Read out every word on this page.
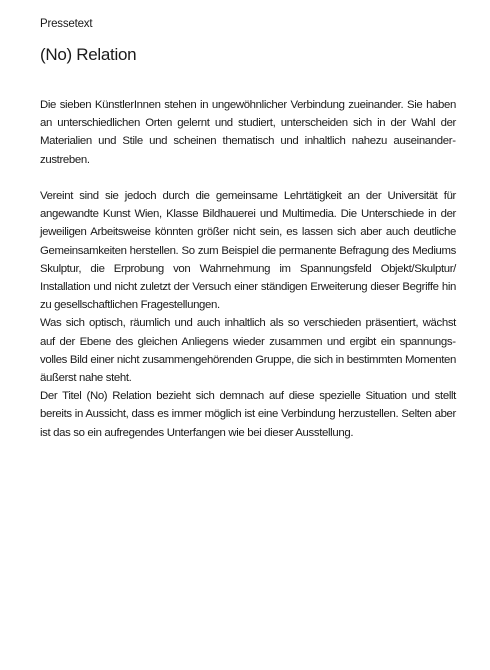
Pressetext
(No) Relation

Die sieben KünstlerInnen stehen in ungewöhnlicher Verbindung zueinander. Sie haben an unterschiedlichen Orten gelernt und studiert, unterscheiden sich in der Wahl der Materialien und Stile und scheinen thematisch und inhaltlich nahezu auseinanderzustreben.

Vereint sind sie jedoch durch die gemeinsame Lehrtätigkeit an der Universität für angewandte Kunst Wien, Klasse Bildhauerei und Multimedia. Die Unterschiede in der jeweiligen Arbeitsweise könnten größer nicht sein, es lassen sich aber auch deutliche Gemeinsamkeiten herstellen. So zum Beispiel die permanente Befragung des Mediums Skulptur, die Erprobung von Wahrnehmung im Spannungsfeld Objekt/Skulptur/ Installation und nicht zuletzt der Versuch einer ständigen Erweiterung dieser Begriffe hin zu gesellschaftlichen Fragestellungen.

Was sich optisch, räumlich und auch inhaltlich als so verschieden präsentiert, wächst auf der Ebene des gleichen Anliegens wieder zusammen und ergibt ein spannungsvolles Bild einer nicht zusammengehörenden Gruppe, die sich in bestimmten Momenten äußerst nahe steht.

Der Titel (No) Relation bezieht sich demnach auf diese spezielle Situation und stellt bereits in Aussicht, dass es immer möglich ist eine Verbindung herzustellen. Selten aber ist das so ein aufregendes Unterfangen wie bei dieser Ausstellung.
